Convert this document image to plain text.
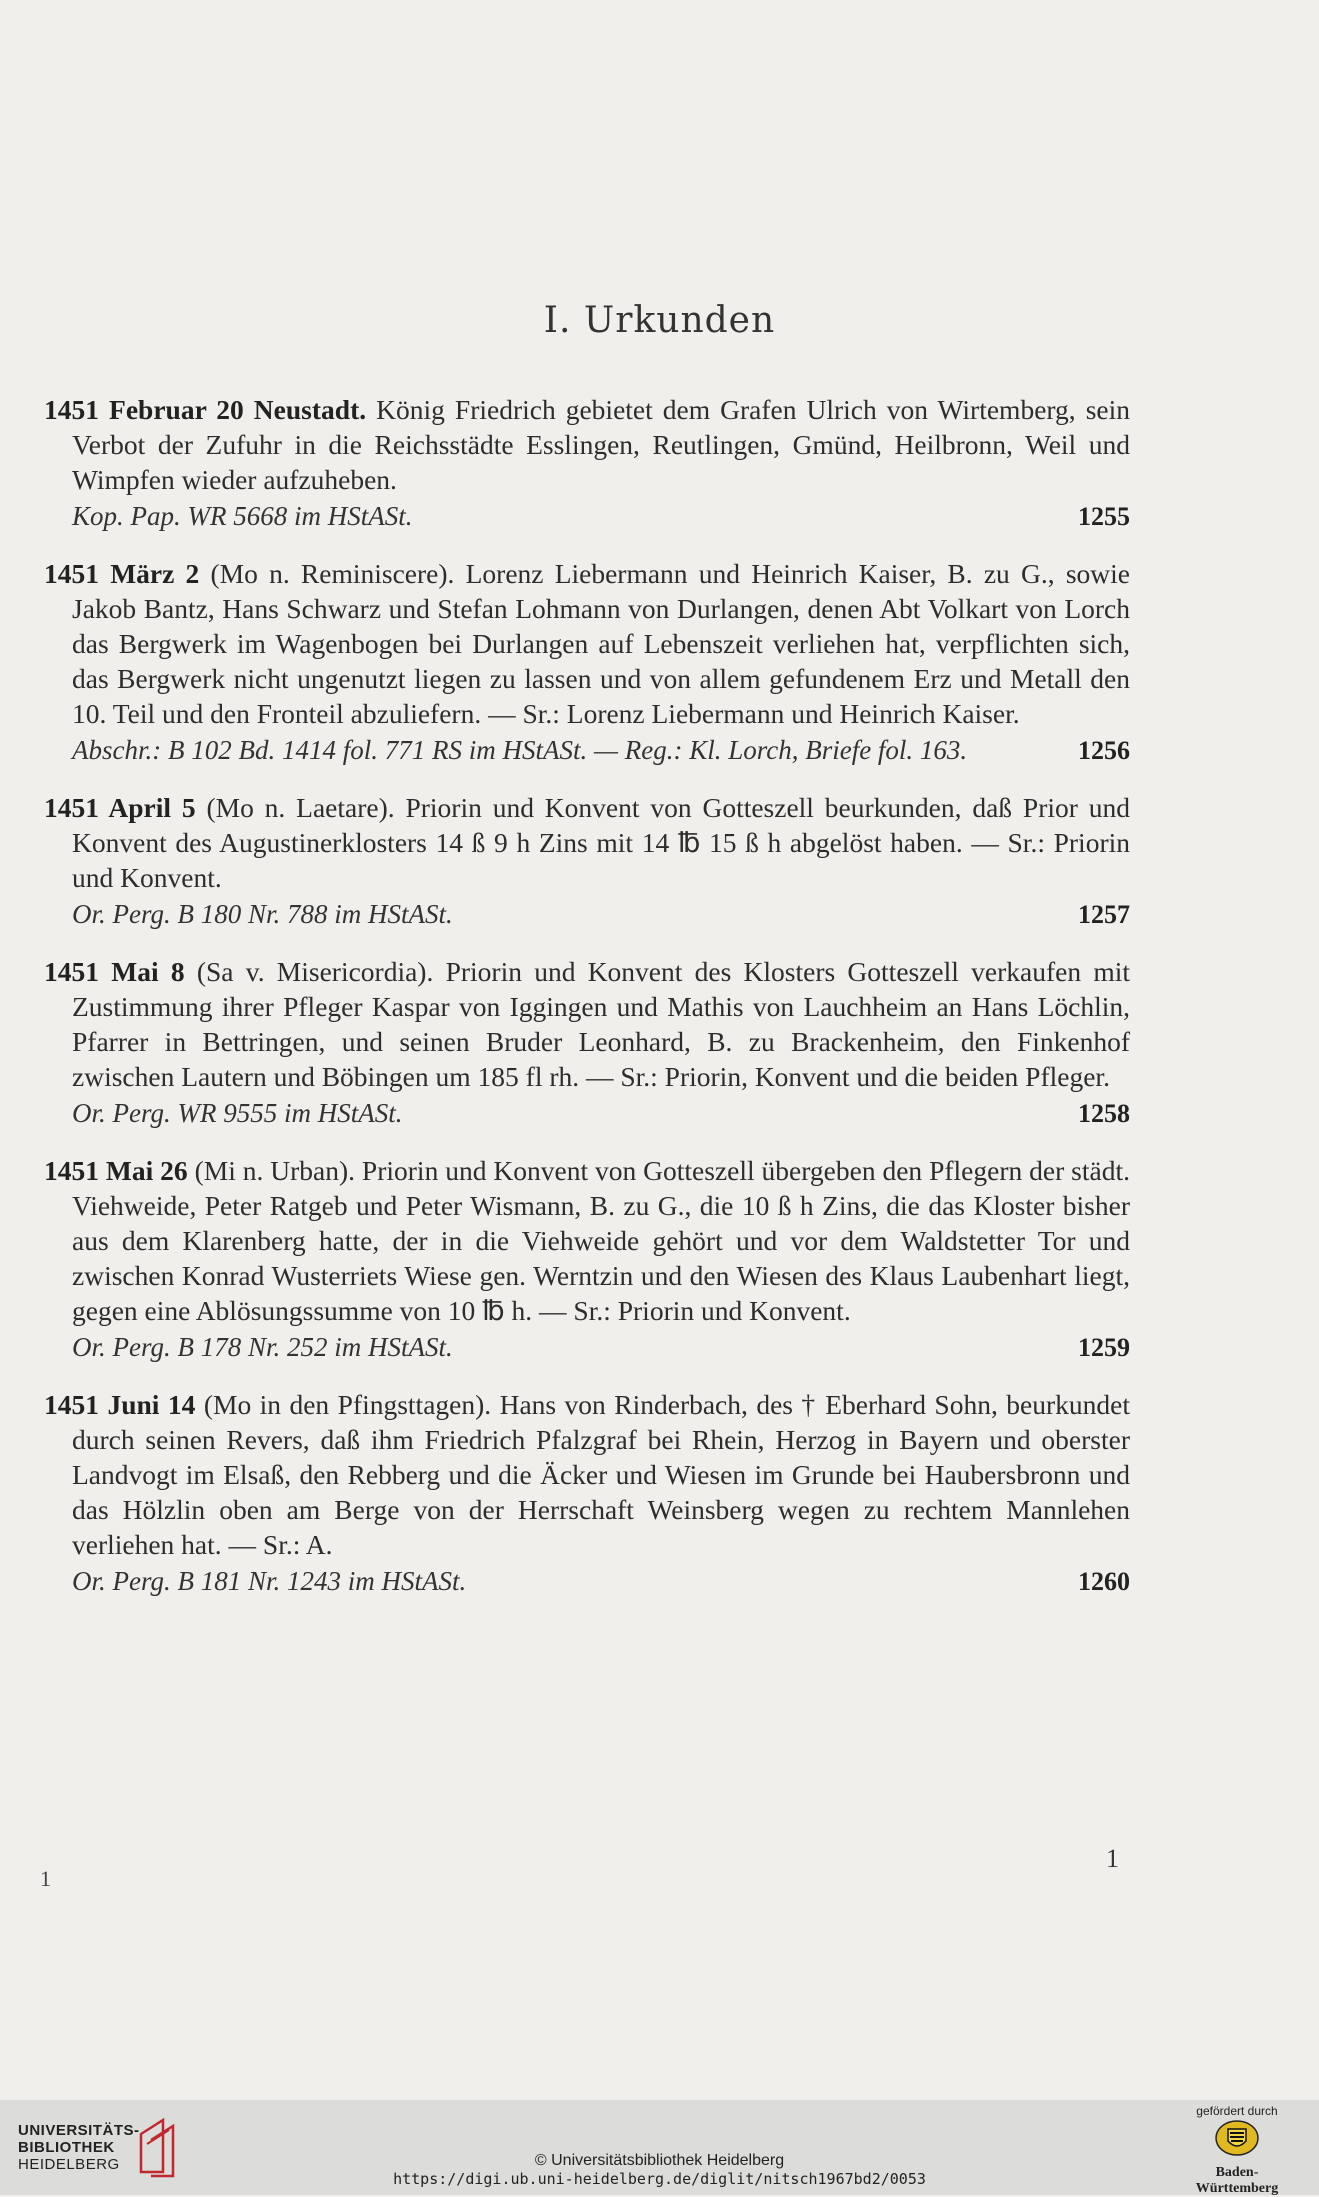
I. Urkunden

1451 Februar 20 Neustadt. König Friedrich gebietet dem Grafen Ulrich von Wirtemberg, sein Verbot der Zufuhr in die Reichsstädte Esslingen, Reutlingen, Gmünd, Heilbronn, Weil und Wimpfen wieder aufzuheben.

Kop. Pap. WR 5668 im HStASt.	1255

1451 März 2 (Mo n. Reminiscere). Lorenz Liebermann und Heinrich Kaiser, B. zu G., sowie Jakob Bantz, Hans Schwarz und Stefan Lohmann von Durlangen, denen Abt Volkart von Lorch das Bergwerk im Wagenbogen bei Durlangen auf Lebenszeit verliehen hat, verpflichten sich, das Bergwerk nicht ungenutzt liegen zu lassen und von allem gefundenem Erz und Metall den 10. Teil und den Fronteil abzuliefern. — Sr.: Lorenz Liebermann und Heinrich Kaiser.

Abschr.: B 102 Bd. 1414 fol. 771 RS im HStASt. — Reg.: Kl. Lorch, Briefe fol. 163.	1256

1451 April 5 (Mo n. Laetare). Priorin und Konvent von Gotteszell beurkunden, daß Prior und Konvent des Augustinerklosters 14 ß 9 h Zins mit 14 ℔ 15 ß h abgelöst haben. — Sr.: Priorin und Konvent.

Or. Perg. B 180 Nr. 788 im HStASt.	1257

1451 Mai 8 (Sa v. Misericordia). Priorin und Konvent des Klosters Gotteszell verkaufen mit Zustimmung ihrer Pfleger Kaspar von Iggingen und Mathis von Lauchheim an Hans Löchlin, Pfarrer in Bettringen, und seinen Bruder Leonhard, B. zu Brackenheim, den Finkenhof zwischen Lautern und Böbingen um 185 fl rh. — Sr.: Priorin, Konvent und die beiden Pfleger.

Or. Perg. WR 9555 im HStASt.	1258

1451 Mai 26 (Mi n. Urban). Priorin und Konvent von Gotteszell übergeben den Pflegern der städt. Viehweide, Peter Ratgeb und Peter Wismann, B. zu G., die 10 ß h Zins, die das Kloster bisher aus dem Klarenberg hatte, der in die Viehweide gehört und vor dem Waldstetter Tor und zwischen Konrad Wusterriets Wiese gen. Werntzin und den Wiesen des Klaus Laubenhart liegt, gegen eine Ablösungssumme von 10 ℔ h. — Sr.: Priorin und Konvent.

Or. Perg. B 178 Nr. 252 im HStASt.	1259

1451 Juni 14 (Mo in den Pfingsttagen). Hans von Rinderbach, des † Eberhard Sohn, beurkundet durch seinen Revers, daß ihm Friedrich Pfalzgraf bei Rhein, Herzog in Bayern und oberster Landvogt im Elsaß, den Rebberg und die Äcker und Wiesen im Grunde bei Haubersbronn und das Hölzlin oben am Berge von der Herrschaft Weinsberg wegen zu rechtem Mannlehen verliehen hat. — Sr.: A.

Or. Perg. B 181 Nr. 1243 im HStASt.	1260
1
1
UNIVERSITÄTS-
BIBLIOTHEK
HEIDELBERG	© Universitätsbibliothek Heidelberg
https://digi.ub.uni-heidelberg.de/diglit/nitsch1967bd2/0053
gefördert durch
Baden-Württemberg
